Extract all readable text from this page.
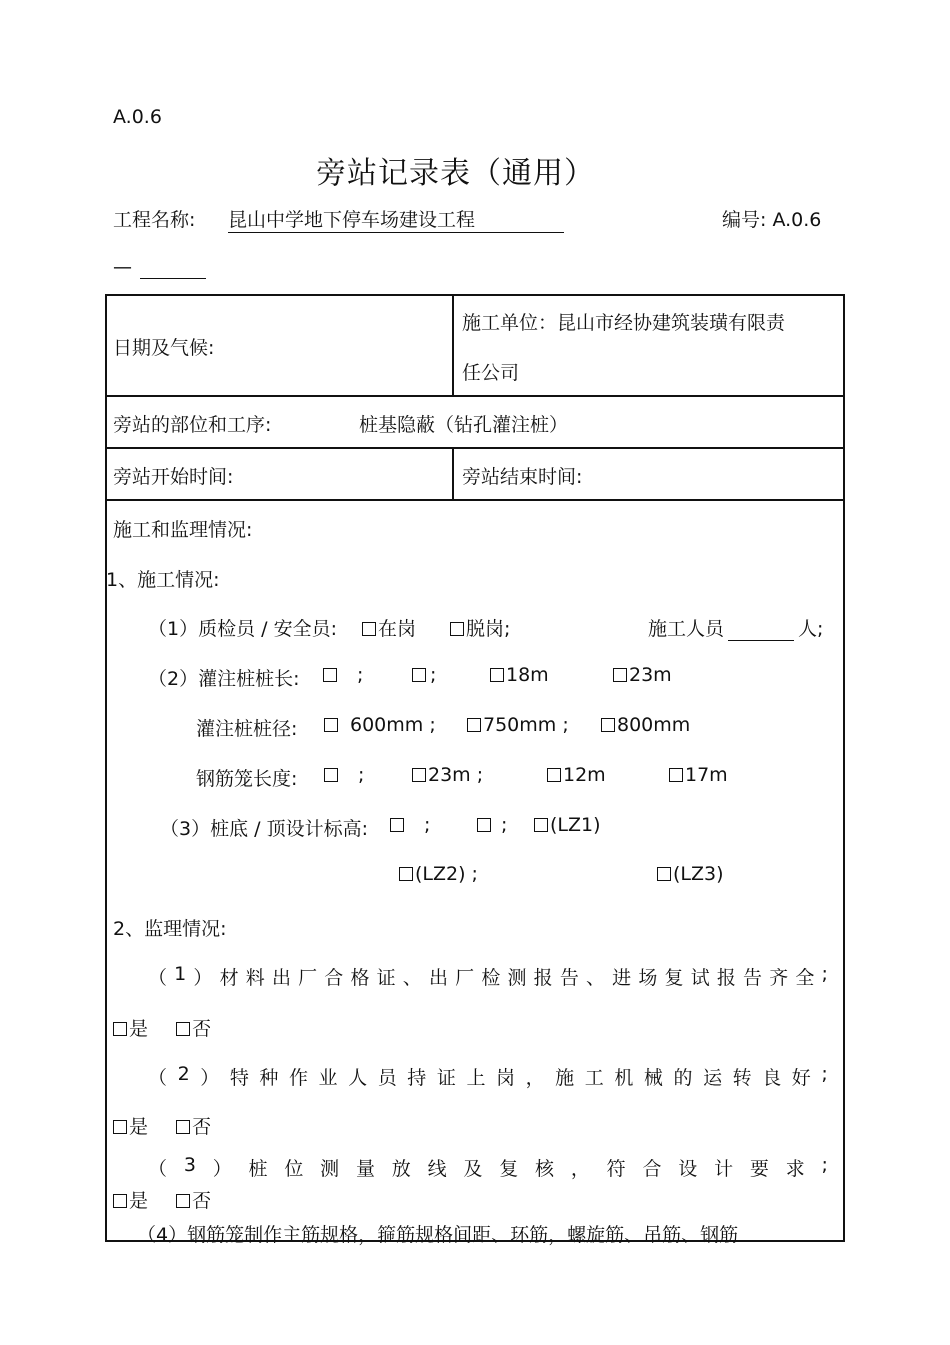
A.0.6
旁站记录表（通用）
工程名称: 昆山中学地下停车场建设工程	编号: A.0.6
—
日期及气候:
施工单位：昆山市经协建筑装璜有限责
任公司
旁站的部位和工序:	桩基隐蔽（钻孔灌注桩）
旁站开始时间:	旁站结束时间:
施工和监理情况:
1、施工情况:
（1）质检员 / 安全员:	在岗	脱岗;	施工人员	人;
（2）灌注桩桩长:	;	;	18m	23m
灌注桩桩径:	600mm ;	750mm ;	800mm
钢筋笼长度:	;	23m ;	12m	17m
（3）桩底 / 顶设计标高:	;	;	(LZ1)
(LZ2) ;	(LZ3)
2、监理情况:
（ 1 ） 材 料 出 厂 合 格 证 、 出 厂 检 测 报 告 、 进 场 复 试 报 告 齐 全 ;
是 否
（ 2 ） 特 种 作 业 人 员 持 证 上 岗 ， 施 工 机 械 的 运 转 良 好 ;
是 否
（ 3 ） 桩 位 测 量 放 线 及 复 核 ， 符 合 设 计 要 求 ;
是 否
（4）钢筋笼制作主筋规格，箍筋规格间距、环筋，螺旋筋、吊筋、钢筋
